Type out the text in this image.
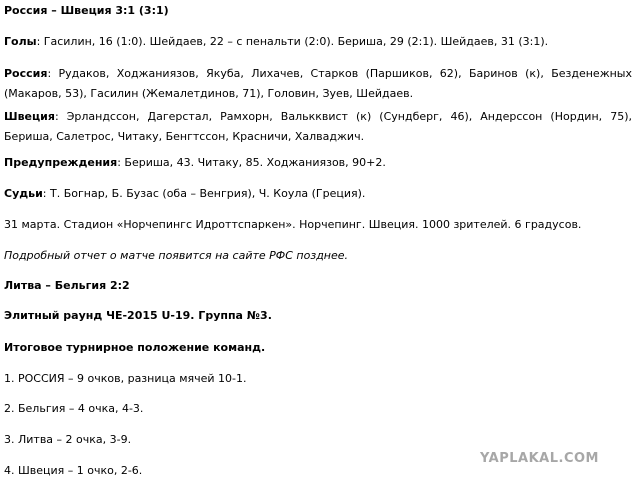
Россия – Швеция 3:1 (3:1)
Голы: Гасилин, 16 (1:0). Шейдаев, 22 – с пенальти (2:0). Бериша, 29 (2:1). Шейдаев, 31 (3:1).
Россия: Рудаков, Ходжаниязов, Якуба, Лихачев, Старков (Паршиков, 62), Баринов (к), Безденежных (Макаров, 53), Гасилин (Жемалетдинов, 71), Головин, Зуев, Шейдаев.
Швеция: Эрландссон, Дагерстал, Рамхорн, Валькквист (к) (Сундберг, 46), Андерссон (Нордин, 75), Бериша, Салетрос, Читаку, Бенгтссон, Красничи, Халваджич.
Предупреждения: Бериша, 43. Читаку, 85. Ходжаниязов, 90+2.
Судьи: Т. Богнар, Б. Бузас (оба – Венгрия), Ч. Коула (Греция).
31 марта. Стадион «Норчепингс Идроттспаркен». Норчепинг. Швеция. 1000 зрителей. 6 градусов.
Подробный отчет о матче появится на сайте РФС позднее.
Литва – Бельгия 2:2
Элитный раунд ЧЕ-2015 U-19. Группа №3.
Итоговое турнирное положение команд.
1. РОССИЯ – 9 очков, разница мячей 10-1.
2. Бельгия – 4 очка, 4-3.
3. Литва – 2 очка, 3-9.
4. Швеция – 1 очко, 2-6.
YAPLAKAL.COM
